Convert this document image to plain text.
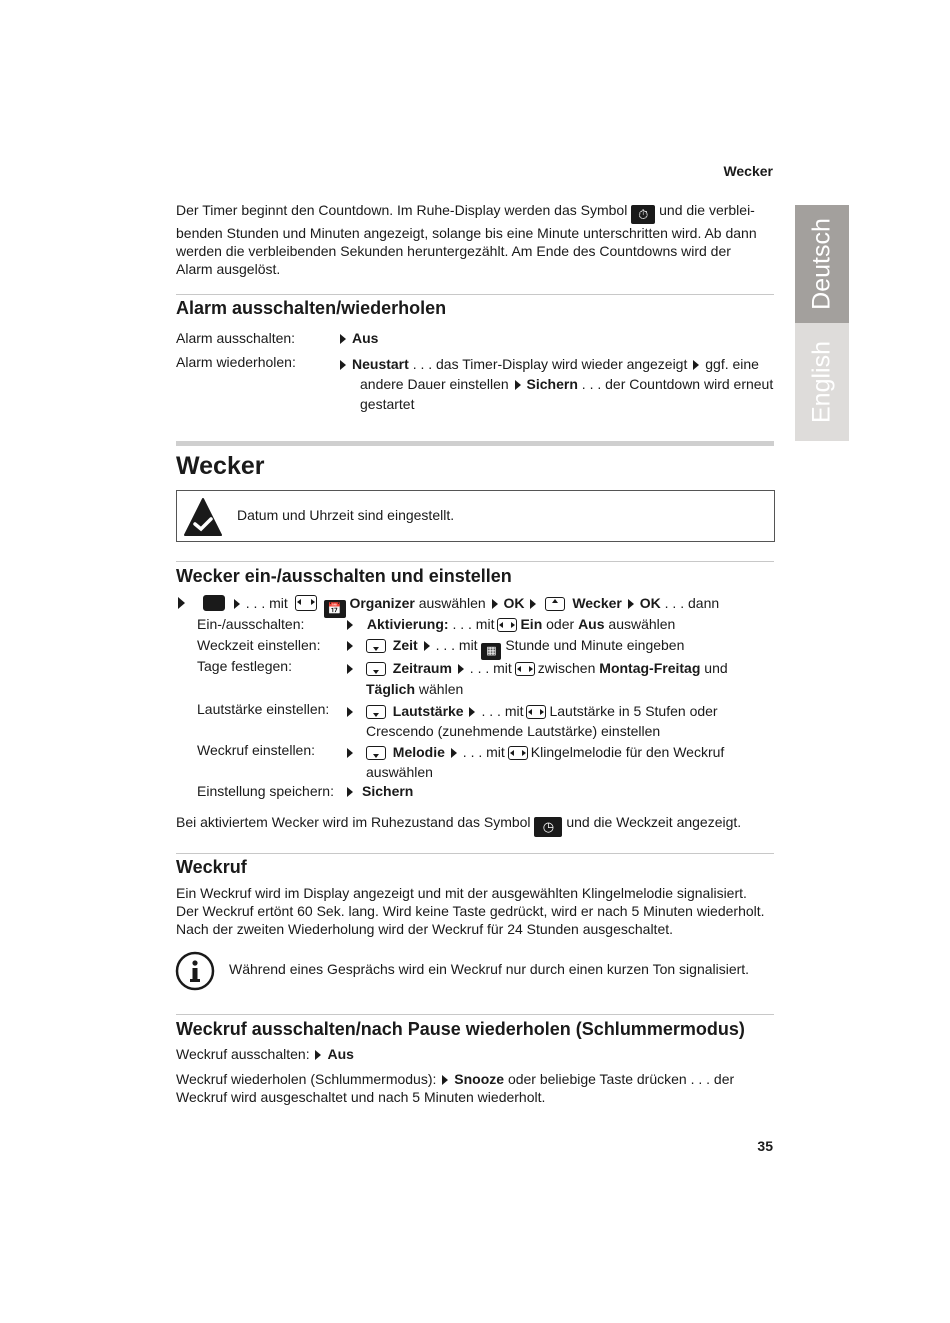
Wecker
Deutsch
English
Der Timer beginnt den Countdown. Im Ruhe-Display werden das Symbol ⏱ und die verblei-
benden Stunden und Minuten angezeigt, solange bis eine Minute unterschritten wird. Ab dann
werden die verbleibenden Sekunden heruntergezählt. Am Ende des Countdowns wird der
Alarm ausgelöst.
Alarm ausschalten/wiederholen
Alarm ausschalten:	Aus
Alarm wiederholen:	Neustart . . . das Timer-Display wird wieder angezeigt ggf. eine
andere Dauer einstellen Sichern . . . der Countdown wird erneut
gestartet
Wecker
Datum und Uhrzeit sind eingestellt.
Wecker ein-/ausschalten und einstellen
. . . mit	📅 Organizer auswählen OK	Wecker OK . . . dann
Ein-/ausschalten:	Aktivierung: . . . mit Ein oder Aus auswählen
Weckzeit einstellen:	Zeit . . . mit ▦ Stunde und Minute eingeben
Tage festlegen:	Zeitraum . . . mit zwischen Montag-Freitag und
Täglich wählen
Lautstärke einstellen:	Lautstärke . . . mit Lautstärke in 5 Stufen oder
Crescendo (zunehmende Lautstärke) einstellen
Weckruf einstellen:	Melodie . . . mit Klingelmelodie für den Weckruf
auswählen
Einstellung speichern:	Sichern
Bei aktiviertem Wecker wird im Ruhezustand das Symbol ◷ und die Weckzeit angezeigt.
Weckruf
Ein Weckruf wird im Display angezeigt und mit der ausgewählten Klingelmelodie signalisiert.
Der Weckruf ertönt 60 Sek. lang. Wird keine Taste gedrückt, wird er nach 5 Minuten wiederholt.
Nach der zweiten Wiederholung wird der Weckruf für 24 Stunden ausgeschaltet.
Während eines Gesprächs wird ein Weckruf nur durch einen kurzen Ton signalisiert.
Weckruf ausschalten/nach Pause wiederholen (Schlummermodus)
Weckruf ausschalten: Aus
Weckruf wiederholen (Schlummermodus): Snooze oder beliebige Taste drücken . . . der
Weckruf wird ausgeschaltet und nach 5 Minuten wiederholt.
35
